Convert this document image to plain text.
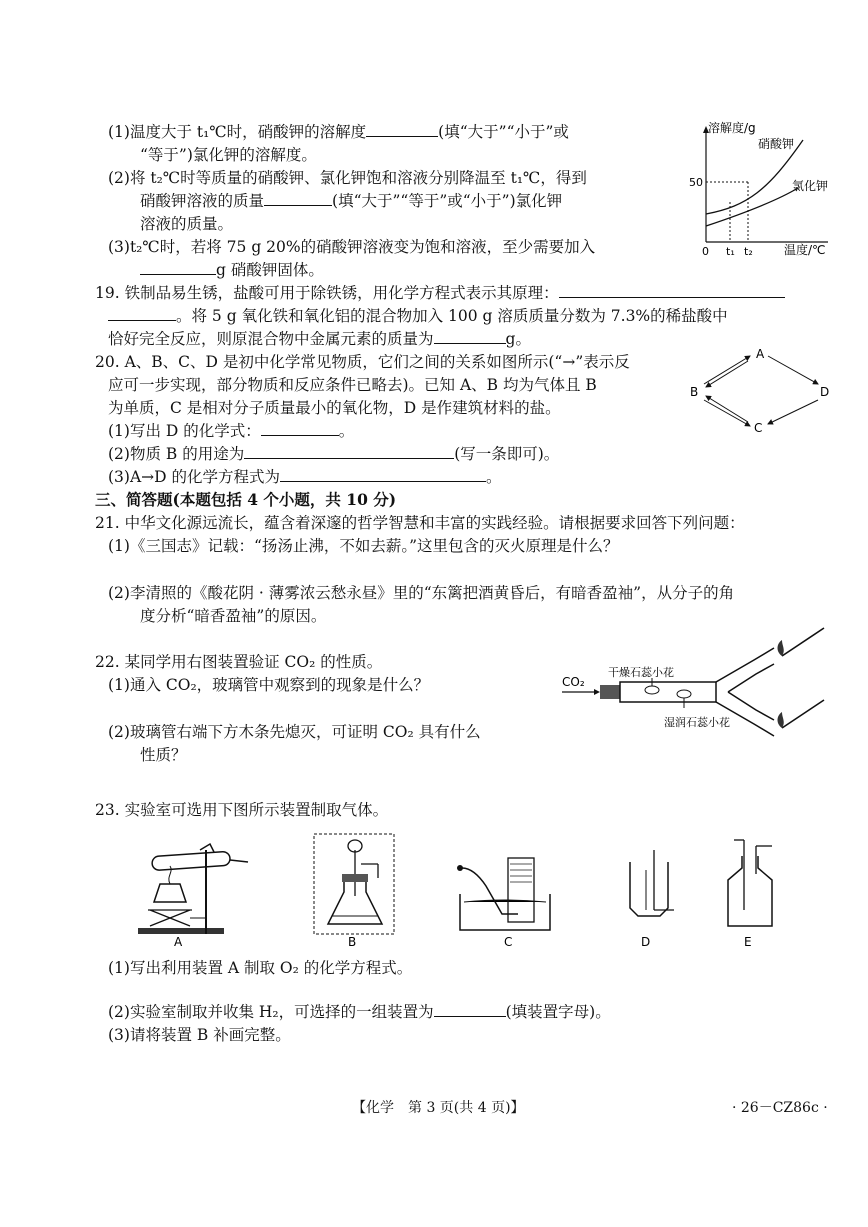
(1)温度大于 t₁℃时，硝酸钾的溶解度	(填“大于”“小于”或
“等于”)氯化钾的溶解度。
(2)将 t₂℃时等质量的硝酸钾、氯化钾饱和溶液分别降温至 t₁℃，得到
硝酸钾溶液的质量	(填“大于”“等于”或“小于”)氯化钾
溶液的质量。
(3)t₂℃时，若将 75 g 20%的硝酸钾溶液变为饱和溶液，至少需要加入
g 硝酸钾固体。
溶解度/g
硝酸钾
氯化钾
50
0 t₁ t₂	温度/℃
19. 铁制品易生锈，盐酸可用于除铁锈，用化学方程式表示其原理：
。将 5 g 氧化铁和氧化铝的混合物加入 100 g 溶质质量分数为 7.3%的稀盐酸中
恰好完全反应，则原混合物中金属元素的质量为	g。
20. A、B、C、D 是初中化学常见物质，它们之间的关系如图所示(“→”表示反
应可一步实现，部分物质和反应条件已略去)。已知 A、B 均为气体且 B
为单质，C 是相对分子质量最小的氧化物，D 是作建筑材料的盐。
(1)写出 D 的化学式：	。
(2)物质 B 的用途为	(写一条即可)。
(3)A→D 的化学方程式为	。
A
B	D
C
三、简答题(本题包括 4 个小题，共 10 分)
21. 中华文化源远流长，蕴含着深邃的哲学智慧和丰富的实践经验。请根据要求回答下列问题：
(1)《三国志》记载：“扬汤止沸，不如去薪。”这里包含的灭火原理是什么？
(2)李清照的《酸花阴 · 薄雾浓云愁永昼》里的“东篱把酒黄昏后，有暗香盈袖”，从分子的角
度分析“暗香盈袖”的原因。
22. 某同学用右图装置验证 CO₂ 的性质。
(1)通入 CO₂，玻璃管中观察到的现象是什么？
(2)玻璃管右端下方木条先熄灭，可证明 CO₂ 具有什么
性质？
CO₂
干燥石蕊小花
湿润石蕊小花
23. 实验室可选用下图所示装置制取气体。
A	B	C	D	E
(1)写出利用装置 A 制取 O₂ 的化学方程式。
(2)实验室制取并收集 H₂，可选择的一组装置为	(填装置字母)。
(3)请将装置 B 补画完整。
【化学　第 3 页(共 4 页)】	· 26－CZ86c ·
